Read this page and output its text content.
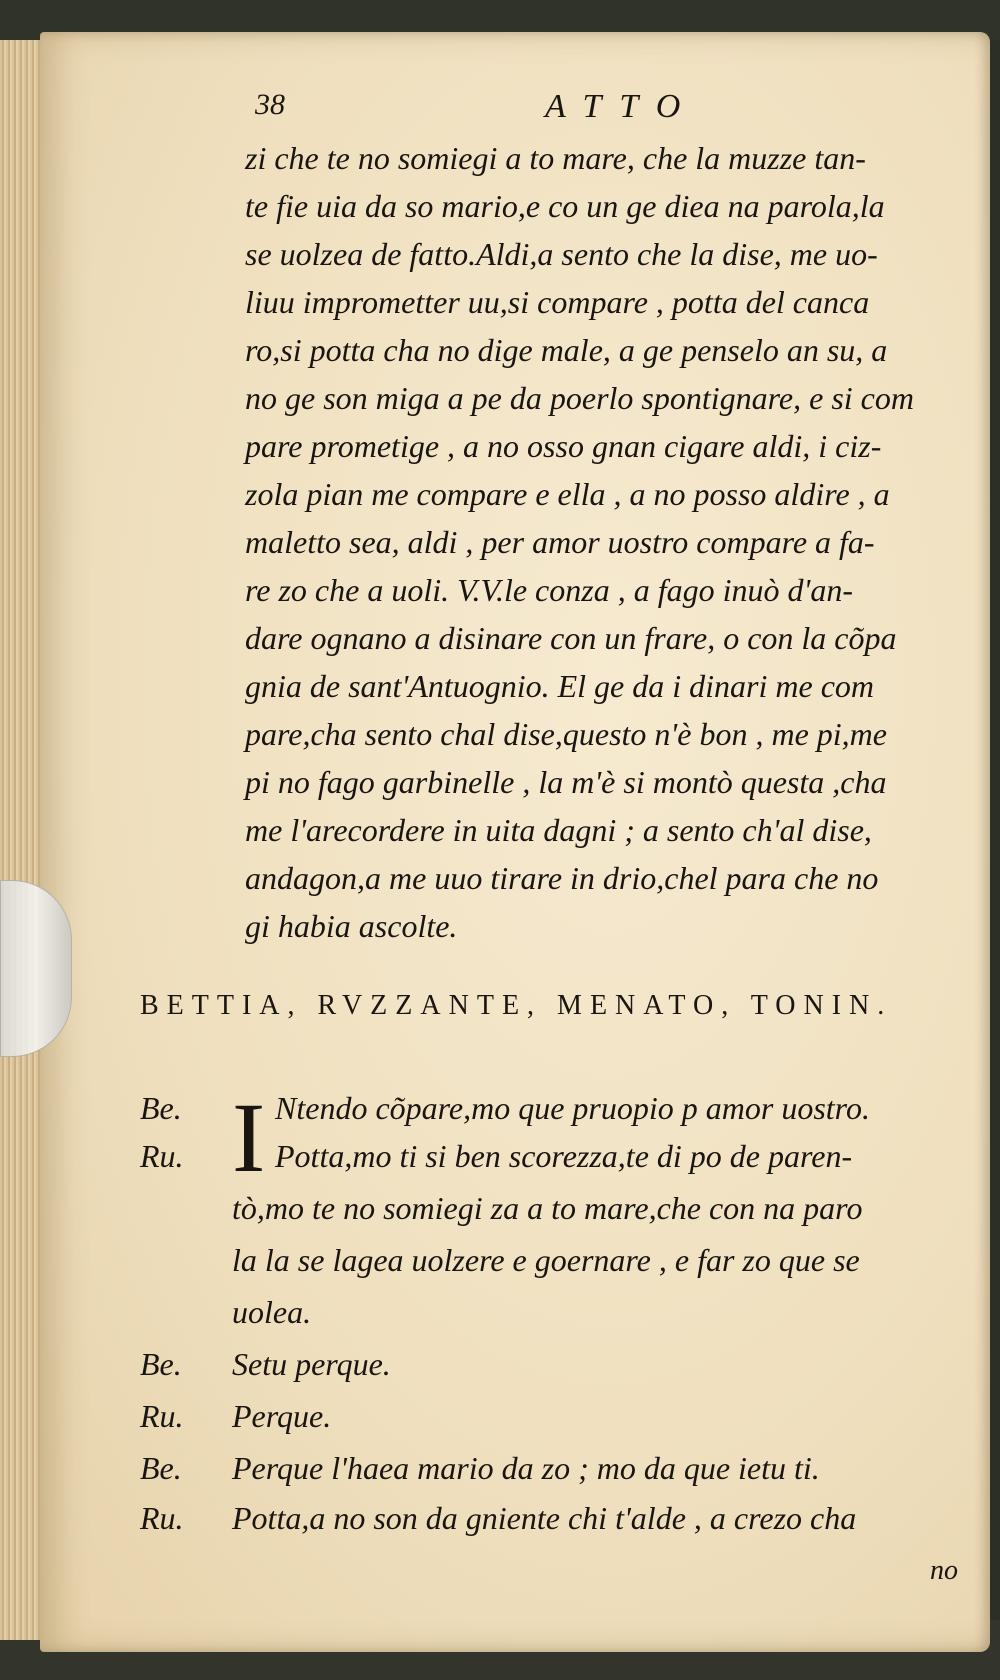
38	ATTO
zi che te no somiegi a to mare, che la muzze tan-
te fie uia da so mario,e co un ge diea na parola,la
se uolzea de fatto.Aldi,a sento che la dise, me uo-
liuu imprometter uu,si compare , potta del canca
ro,si potta cha no dige male, a ge penselo an su, a
no ge son miga a pe da poerlo spontignare, e si com
pare prometige , a no osso gnan cigare aldi, i ciz-
zola pian me compare e ella , a no posso aldire , a
maletto sea, aldi , per amor uostro compare a fa-
re zo che a uoli. V.V.le conza , a fago inuò d'an-
dare ognano a disinare con un frare, o con la cõpa
gnia de sant'Antuognio. El ge da i dinari me com
pare,cha sento chal dise,questo n'è bon , me pi,me
pi no fago garbinelle , la m'è si montò questa ,cha
me l'arecordere in uita dagni ; a sento ch'al dise,
andagon,a me uuo tirare in drio,chel para che no
gi habia ascolte.
BETTIA, RVZZANTE, MENATO, TONIN.
I
Be.	Ntendo cõpare,mo que pruopio p amor uostro.
Ru.	Potta,mo ti si ben scorezza,te di po de paren-
tò,mo te no somiegi za a to mare,che con na paro
la la se lagea uolzere e goernare , e far zo que se
uolea.
Be. Setu perque.
Ru. Perque.
Be. Perque l'haea mario da zo ; mo da que ietu ti.
Ru. Potta,a no son da gniente chi t'alde , a crezo cha
no
